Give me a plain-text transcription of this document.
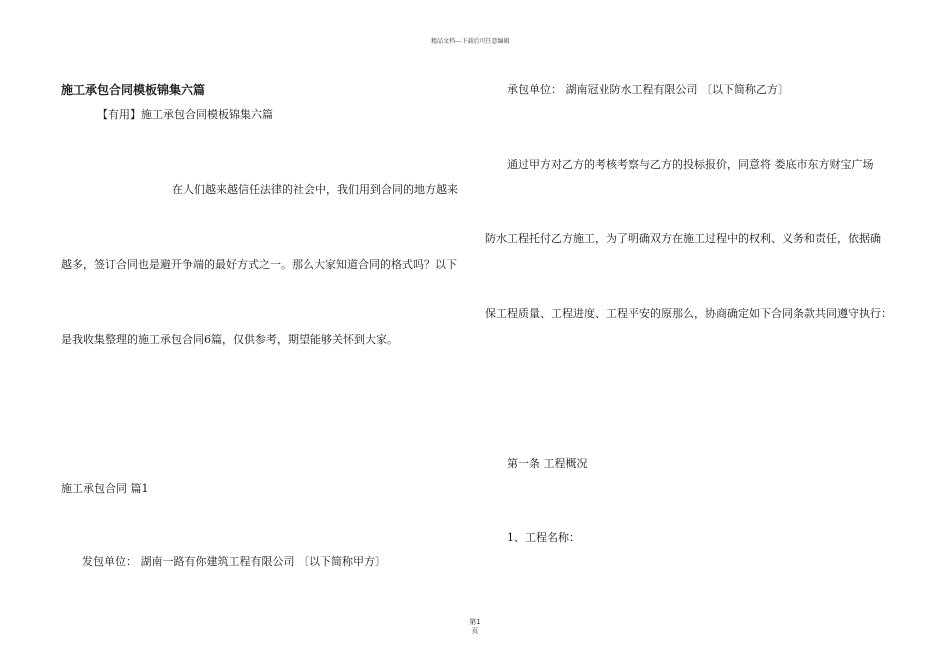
精品文档---下载后可任意编辑
施工承包合同模板锦集六篇
【有用】施工承包合同模板锦集六篇
在人们越来越信任法律的社会中，我们用到合同的地方越来
越多，签订合同也是避开争端的最好方式之一。那么大家知道合同的格式吗？以下
是我收集整理的施工承包合同6篇，仅供参考，期望能够关怀到大家。
施工承包合同 篇1
发包单位： 湖南一路有你建筑工程有限公司 〔以下简称甲方〕
承包单位： 湖南冠业防水工程有限公司 〔以下简称乙方〕
通过甲方对乙方的考核考察与乙方的投标报价，同意将 娄底市东方财宝广场
防水工程托付乙方施工，为了明确双方在施工过程中的权利、义务和责任，依据确
保工程质量、工程进度、工程平安的原那么，协商确定如下合同条款共同遵守执行：
第一条 工程概况
1、工程名称：
第1
页
